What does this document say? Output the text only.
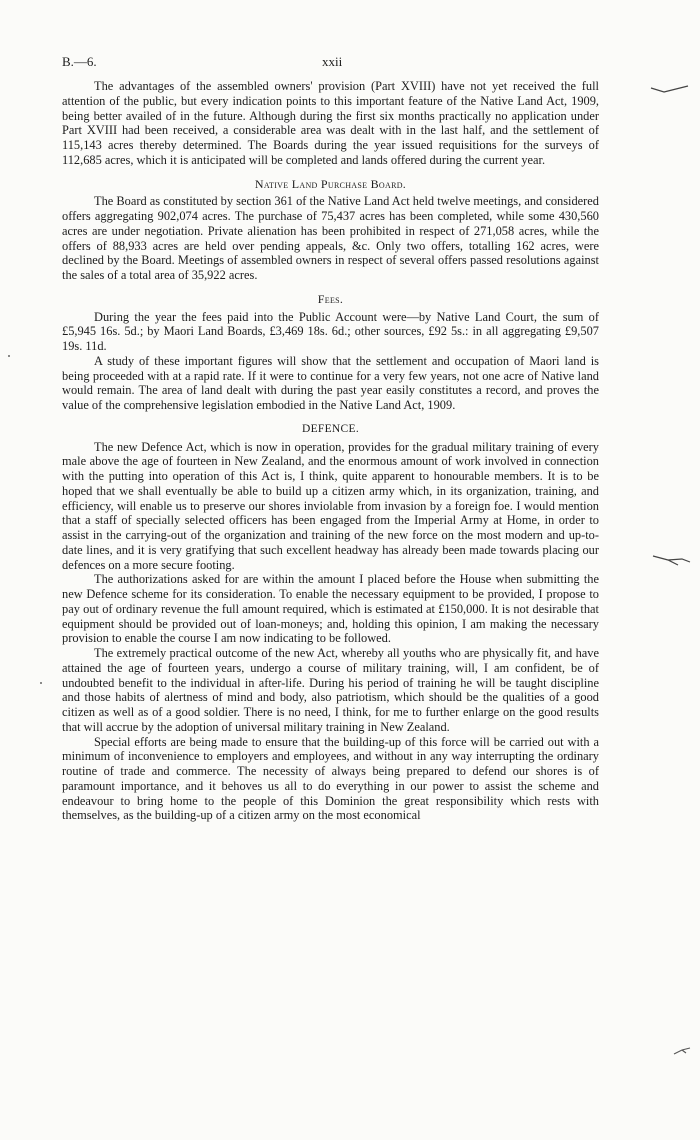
B.—6.	xxii

The advantages of the assembled owners' provision (Part XVIII) have not yet received the full attention of the public, but every indication points to this important feature of the Native Land Act, 1909, being better availed of in the future. Although during the first six months practically no application under Part XVIII had been received, a considerable area was dealt with in the last half, and the settlement of 115,143 acres thereby determined. The Boards during the year issued requisitions for the surveys of 112,685 acres, which it is anticipated will be completed and lands offered during the current year.

Native Land Purchase Board.

The Board as constituted by section 361 of the Native Land Act held twelve meetings, and considered offers aggregating 902,074 acres. The purchase of 75,437 acres has been completed, while some 430,560 acres are under negotiation. Private alienation has been prohibited in respect of 271,058 acres, while the offers of 88,933 acres are held over pending appeals, &c. Only two offers, totalling 162 acres, were declined by the Board. Meetings of assembled owners in respect of several offers passed resolutions against the sales of a total area of 35,922 acres.

Fees.

During the year the fees paid into the Public Account were—by Native Land Court, the sum of £5,945 16s. 5d.; by Maori Land Boards, £3,469 18s. 6d.; other sources, £92 5s.: in all aggregating £9,507 19s. 11d.

A study of these important figures will show that the settlement and occupation of Maori land is being proceeded with at a rapid rate. If it were to continue for a very few years, not one acre of Native land would remain. The area of land dealt with during the past year easily constitutes a record, and proves the value of the comprehensive legislation embodied in the Native Land Act, 1909.

DEFENCE.

The new Defence Act, which is now in operation, provides for the gradual military training of every male above the age of fourteen in New Zealand, and the enormous amount of work involved in connection with the putting into operation of this Act is, I think, quite apparent to honourable members. It is to be hoped that we shall eventually be able to build up a citizen army which, in its organization, training, and efficiency, will enable us to preserve our shores inviolable from invasion by a foreign foe. I would mention that a staff of specially selected officers has been engaged from the Imperial Army at Home, in order to assist in the carrying-out of the organization and training of the new force on the most modern and up-to-date lines, and it is very gratifying that such excellent headway has already been made towards placing our defences on a more secure footing.

The authorizations asked for are within the amount I placed before the House when submitting the new Defence scheme for its consideration. To enable the necessary equipment to be provided, I propose to pay out of ordinary revenue the full amount required, which is estimated at £150,000. It is not desirable that equipment should be provided out of loan-moneys; and, holding this opinion, I am making the necessary provision to enable the course I am now indicating to be followed.

The extremely practical outcome of the new Act, whereby all youths who are physically fit, and have attained the age of fourteen years, undergo a course of military training, will, I am confident, be of undoubted benefit to the individual in after-life. During his period of training he will be taught discipline and those habits of alertness of mind and body, also patriotism, which should be the qualities of a good citizen as well as of a good soldier. There is no need, I think, for me to further enlarge on the good results that will accrue by the adoption of universal military training in New Zealand.

Special efforts are being made to ensure that the building-up of this force will be carried out with a minimum of inconvenience to employers and employees, and without in any way interrupting the ordinary routine of trade and commerce. The necessity of always being prepared to defend our shores is of paramount importance, and it behoves us all to do everything in our power to assist the scheme and endeavour to bring home to the people of this Dominion the great responsibility which rests with themselves, as the building-up of a citizen army on the most economical
